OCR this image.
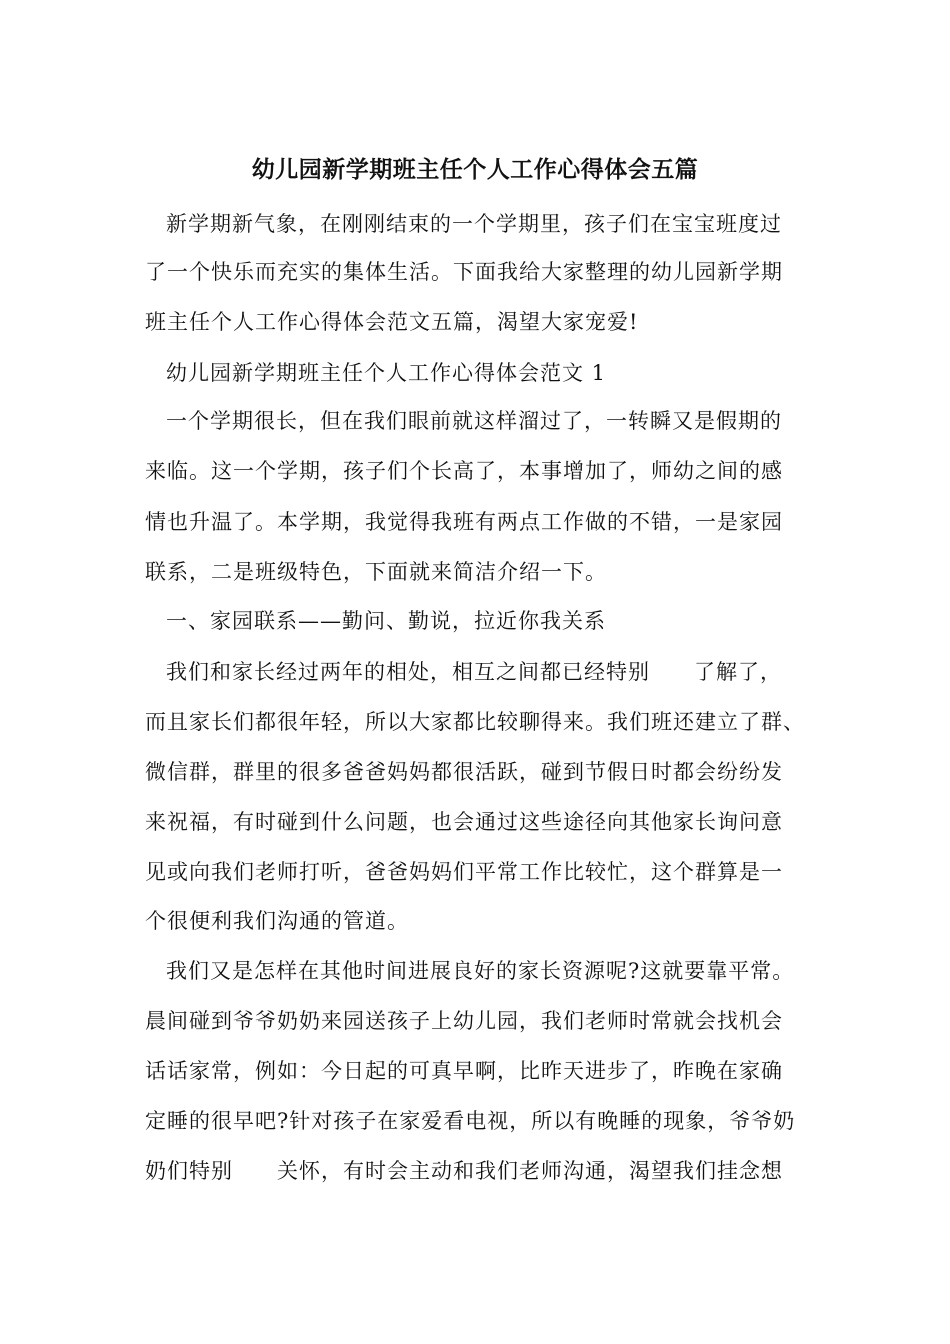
幼儿园新学期班主任个人工作心得体会五篇
新学期新气象，在刚刚结束的一个学期里，孩子们在宝宝班度过
了一个快乐而充实的集体生活。下面我给大家整理的幼儿园新学期
班主任个人工作心得体会范文五篇，渴望大家宠爱!
幼儿园新学期班主任个人工作心得体会范文 1
一个学期很长，但在我们眼前就这样溜过了，一转瞬又是假期的
来临。这一个学期，孩子们个长高了，本事增加了，师幼之间的感
情也升温了。本学期，我觉得我班有两点工作做的不错，一是家园
联系，二是班级特色，下面就来简洁介绍一下。
一、家园联系——勤问、勤说，拉近你我关系
我们和家长经过两年的相处，相互之间都已经特别　　了解了，
而且家长们都很年轻，所以大家都比较聊得来。我们班还建立了群、
微信群，群里的很多爸爸妈妈都很活跃，碰到节假日时都会纷纷发
来祝福，有时碰到什么问题，也会通过这些途径向其他家长询问意
见或向我们老师打听，爸爸妈妈们平常工作比较忙，这个群算是一
个很便利我们沟通的管道。
我们又是怎样在其他时间进展良好的家长资源呢?这就要靠平常。
晨间碰到爷爷奶奶来园送孩子上幼儿园，我们老师时常就会找机会
话话家常，例如：今日起的可真早啊，比昨天进步了，昨晚在家确
定睡的很早吧?针对孩子在家爱看电视，所以有晚睡的现象，爷爷奶
奶们特别　　关怀，有时会主动和我们老师沟通，渴望我们挂念想
